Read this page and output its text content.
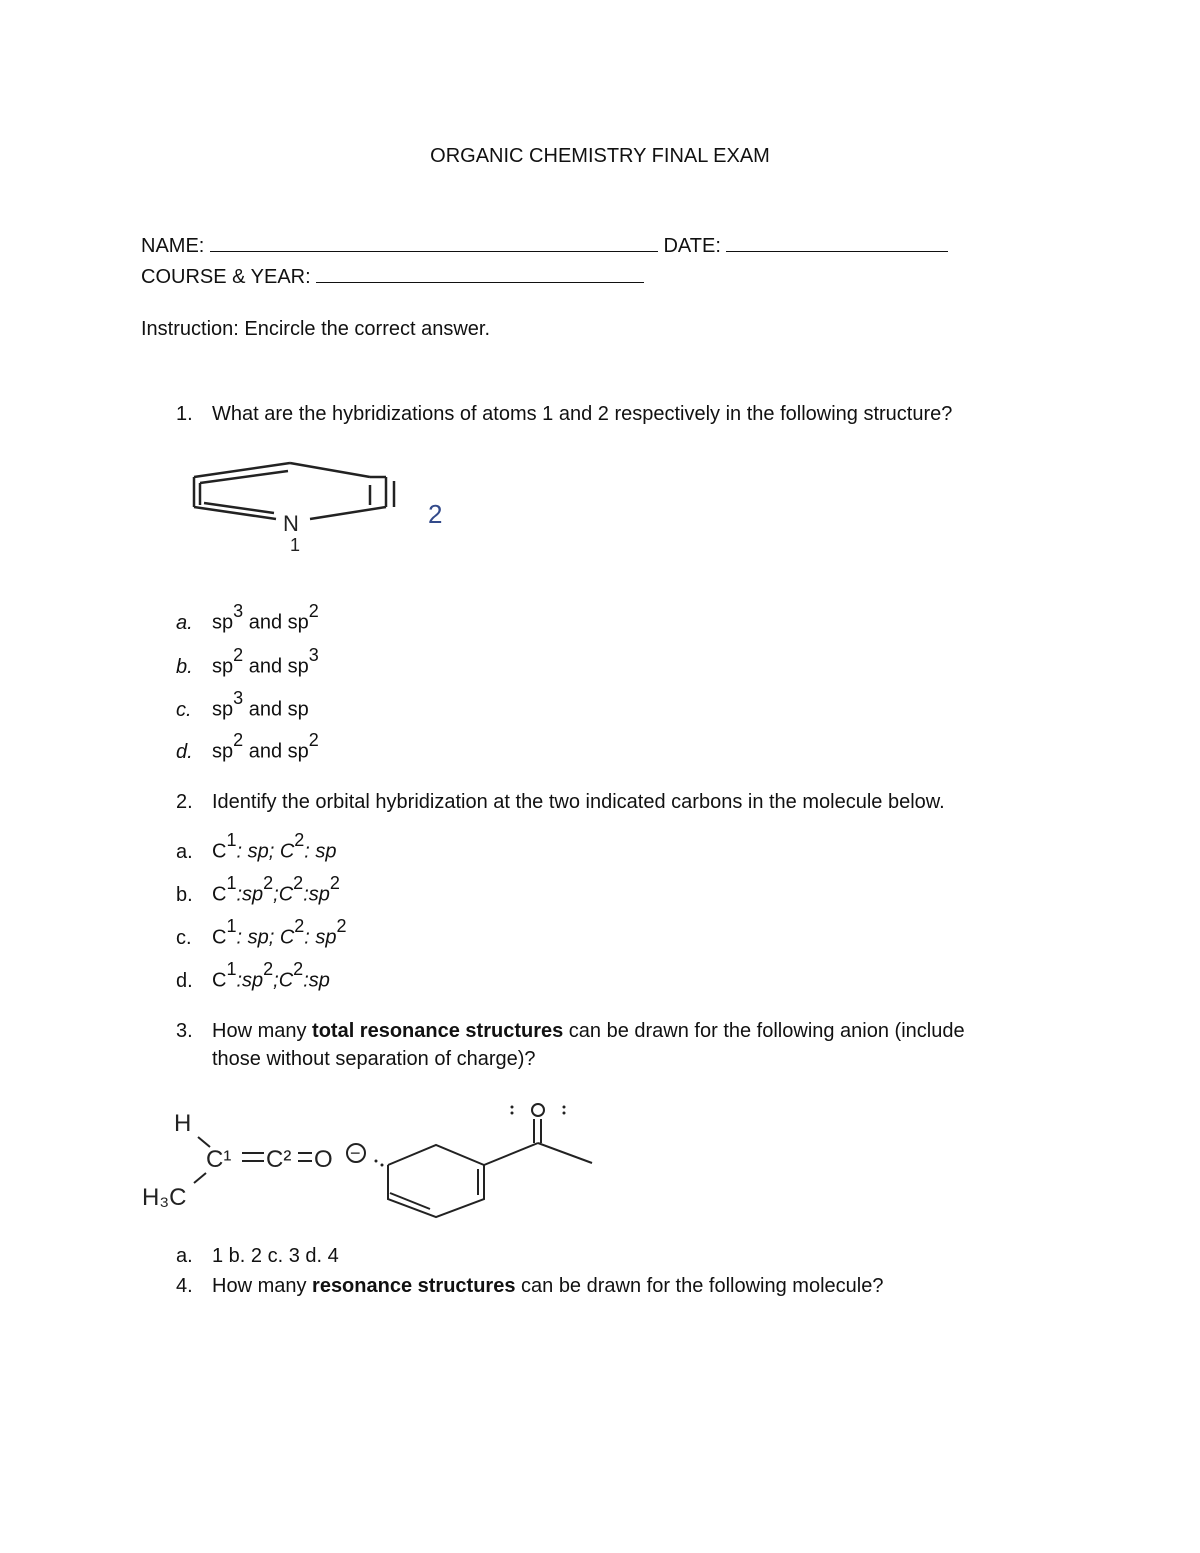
ORGANIC CHEMISTRY FINAL EXAM
NAME:	DATE:
COURSE & YEAR:
Instruction: Encircle the correct answer.
1. What are the hybridizations of atoms 1 and 2 respectively in the following structure?
N
1
2
a. $sp^3$ and $sp^2$
b. $sp^2$ and $sp^3$
c. $sp^3$ and sp
d. $sp^2$ and $sp^2$
2. Identify the orbital hybridization at the two indicated carbons in the molecule below.
a. $C^1$: sp; $C^2$: sp
b. $C^1:sp^2;C^2:sp^2$
c. $C^1$: sp; $C^2$: $sp^2$
d. $C^1:sp^2;C^2:sp$
3. How many total resonance structures can be drawn for the following anion (include
those without separation of charge)?
H
C¹ C² O −
H₃C
a. 1 b. 2 c. 3 d. 4
4. How many resonance structures can be drawn for the following molecule?
